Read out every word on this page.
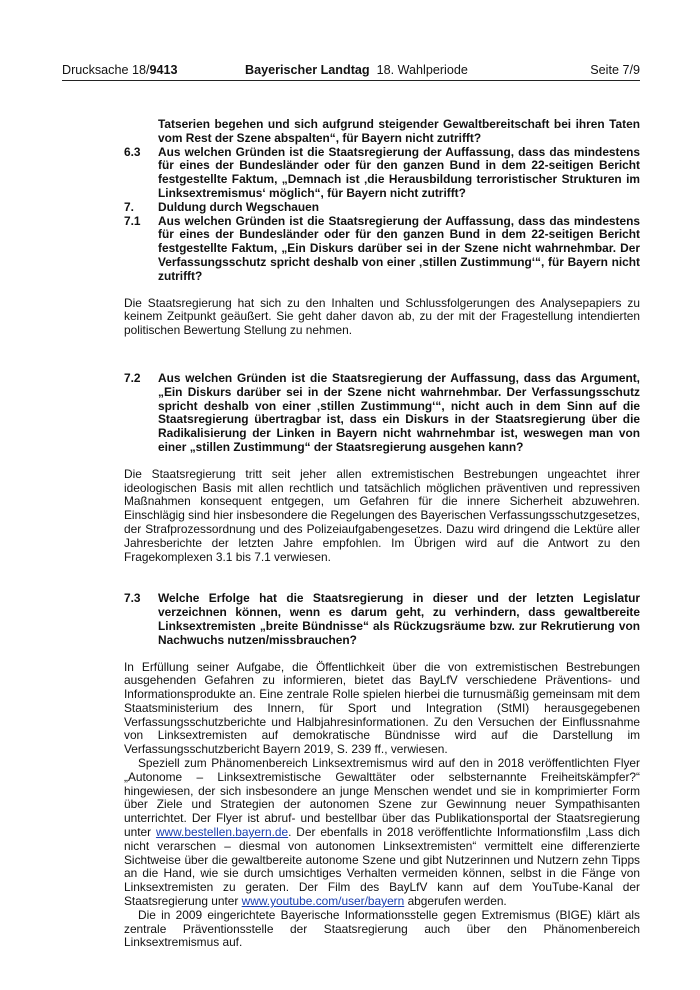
Drucksache 18/9413	Bayerischer Landtag 18. Wahlperiode	Seite 7/9
Tatserien begehen und sich aufgrund steigender Gewaltbereitschaft bei ihren Taten vom Rest der Szene abspalten“, für Bayern nicht zutrifft?
6.3	Aus welchen Gründen ist die Staatsregierung der Auffassung, dass das mindestens für eines der Bundesländer oder für den ganzen Bund in dem 22-seitigen Bericht festgestellte Faktum, „Demnach ist ‚die Herausbildung terroristischer Strukturen im Linksextremismus‘ möglich“, für Bayern nicht zutrifft?
7.	Duldung durch Wegschauen
7.1	Aus welchen Gründen ist die Staatsregierung der Auffassung, dass das mindestens für eines der Bundesländer oder für den ganzen Bund in dem 22-seitigen Bericht festgestellte Faktum, „Ein Diskurs darüber sei in der Szene nicht wahrnehmbar. Der Verfassungsschutz spricht deshalb von einer ‚stillen Zustimmung‘“, für Bayern nicht zutrifft?

Die Staatsregierung hat sich zu den Inhalten und Schlussfolgerungen des Analysepapiers zu keinem Zeitpunkt geäußert. Sie geht daher davon ab, zu der mit der Fragestellung intendierten politischen Bewertung Stellung zu nehmen.

7.2	Aus welchen Gründen ist die Staatsregierung der Auffassung, dass das Argument, „Ein Diskurs darüber sei in der Szene nicht wahrnehmbar. Der Verfassungsschutz spricht deshalb von einer ‚stillen Zustimmung‘“, nicht auch in dem Sinn auf die Staatsregierung übertragbar ist, dass ein Diskurs in der Staatsregierung über die Radikalisierung der Linken in Bayern nicht wahrnehmbar ist, weswegen man von einer „stillen Zustimmung“ der Staatsregierung ausgehen kann?

Die Staatsregierung tritt seit jeher allen extremistischen Bestrebungen ungeachtet ihrer ideologischen Basis mit allen rechtlich und tatsächlich möglichen präventiven und repressiven Maßnahmen konsequent entgegen, um Gefahren für die innere Sicherheit abzuwehren. Einschlägig sind hier insbesondere die Regelungen des Bayerischen Verfassungsschutzgesetzes, der Strafprozessordnung und des Polizeiaufgabengesetzes. Dazu wird dringend die Lektüre aller Jahresberichte der letzten Jahre empfohlen. Im Übrigen wird auf die Antwort zu den Fragekomplexen 3.1 bis 7.1 verwiesen.

7.3	Welche Erfolge hat die Staatsregierung in dieser und der letzten Legislatur verzeichnen können, wenn es darum geht, zu verhindern, dass gewaltbereite Linksextremisten „breite Bündnisse“ als Rückzugsräume bzw. zur Rekrutierung von Nachwuchs nutzen/missbrauchen?

In Erfüllung seiner Aufgabe, die Öffentlichkeit über die von extremistischen Bestrebungen ausgehenden Gefahren zu informieren, bietet das BayLfV verschiedene Präventions- und Informationsprodukte an. Eine zentrale Rolle spielen hierbei die turnusmäßig gemeinsam mit dem Staatsministerium des Innern, für Sport und Integration (StMI) herausgegebenen Verfassungsschutzberichte und Halbjahresinformationen. Zu den Versuchen der Einflussnahme von Linksextremisten auf demokratische Bündnisse wird auf die Darstellung im Verfassungsschutzbericht Bayern 2019, S. 239 ff., verwiesen.

Speziell zum Phänomenbereich Linksextremismus wird auf den in 2018 veröffentlichten Flyer „Autonome – Linksextremistische Gewalttäter oder selbsternannte Freiheitskämpfer?“ hingewiesen, der sich insbesondere an junge Menschen wendet und sie in komprimierter Form über Ziele und Strategien der autonomen Szene zur Gewinnung neuer Sympathisanten unterrichtet. Der Flyer ist abruf- und bestellbar über das Publikationsportal der Staatsregierung unter www.bestellen.bayern.de. Der ebenfalls in 2018 veröffentlichte Informationsfilm ‚Lass dich nicht verarschen – diesmal von autonomen Linksextremisten“ vermittelt eine differenzierte Sichtweise über die gewaltbereite autonome Szene und gibt Nutzerinnen und Nutzern zehn Tipps an die Hand, wie sie durch umsichtiges Verhalten vermeiden können, selbst in die Fänge von Linksextremisten zu geraten. Der Film des BayLfV kann auf dem YouTube-Kanal der Staatsregierung unter www.youtube.com/user/bayern abgerufen werden.

Die in 2009 eingerichtete Bayerische Informationsstelle gegen Extremismus (BIGE) klärt als zentrale Präventionsstelle der Staatsregierung auch über den Phänomenbereich Linksextremismus auf.
